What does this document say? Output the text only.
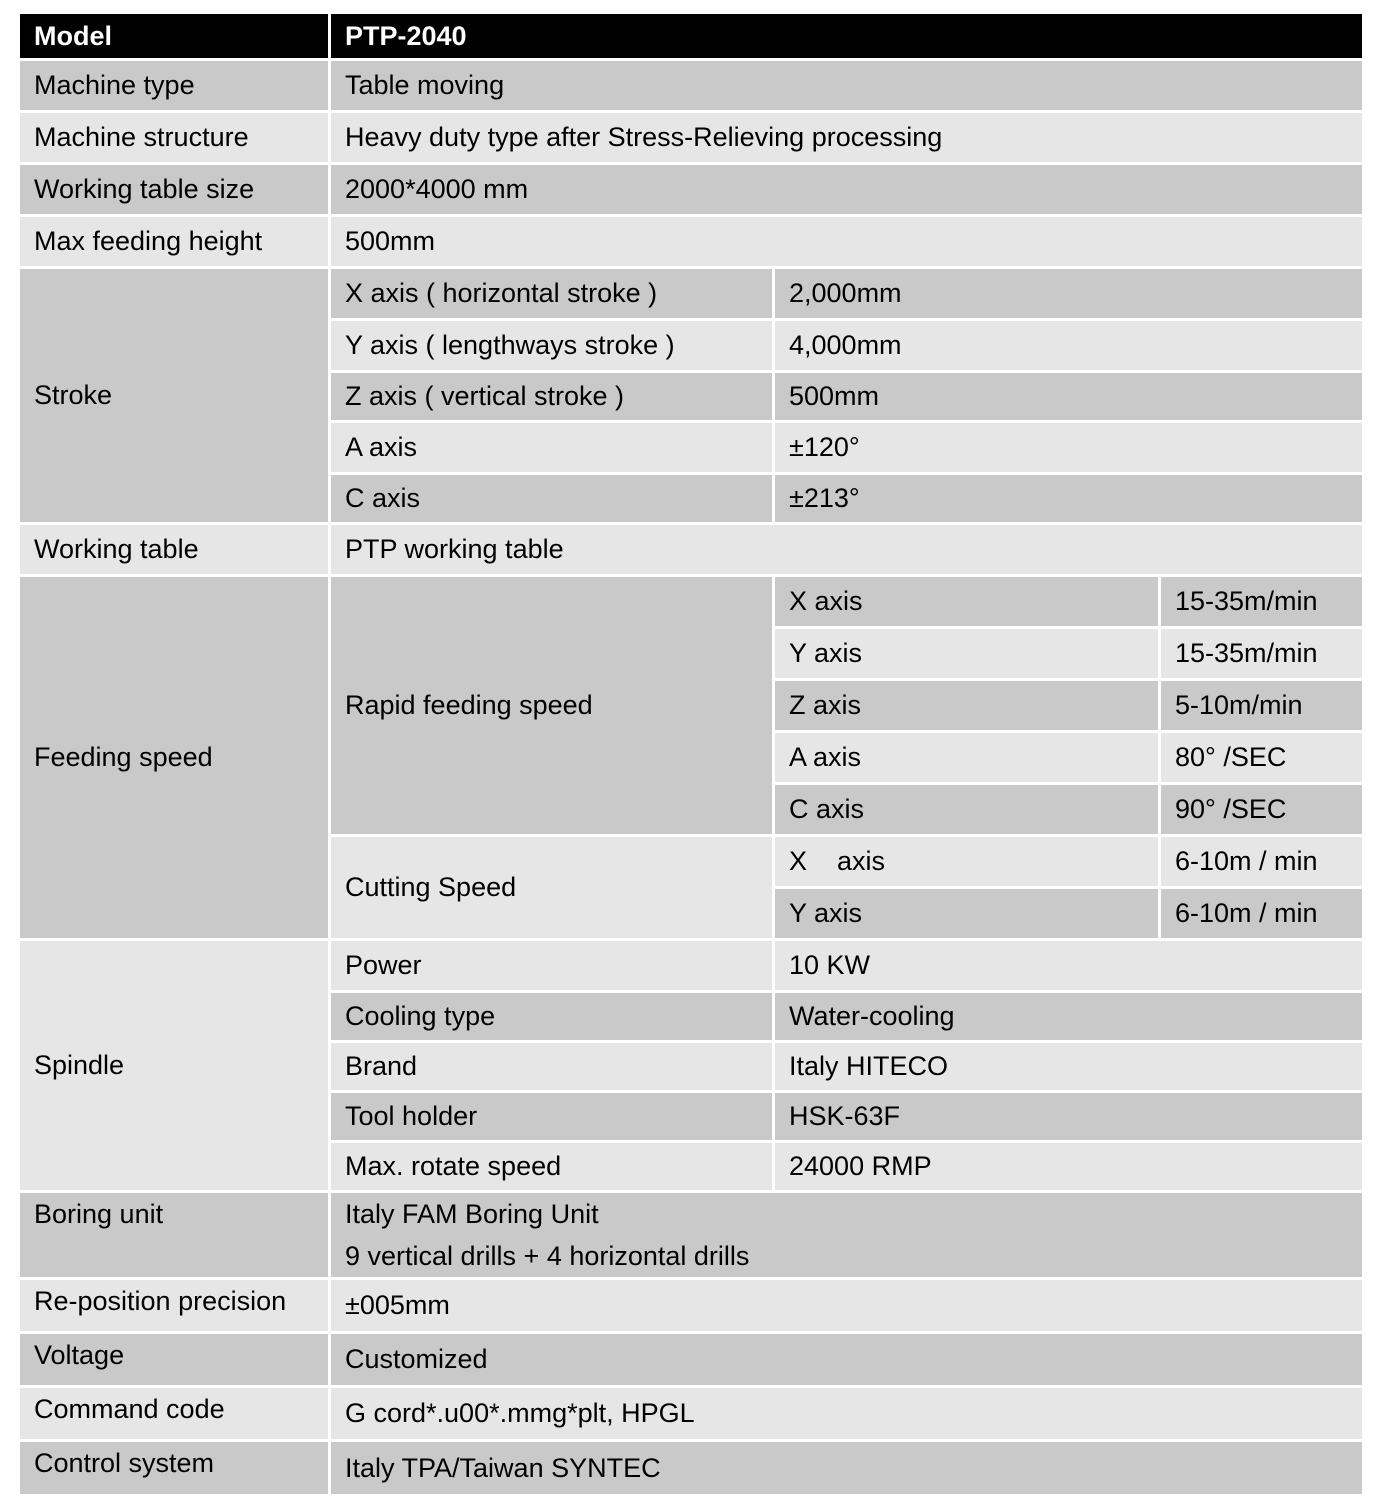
Model	PTP-2040		
Machine type	Table moving		
Machine structure	Heavy duty type after Stress-Relieving processing		
Working table size	2000*4000 mm		
Max feeding height	500mm		
Stroke	X axis ( horizontal stroke )	2,000mm	
	Y axis ( lengthways stroke )	4,000mm	
	Z axis ( vertical stroke )	500mm	
	A axis	±120°	
	C axis	±213°	
Working table	PTP working table		
Feeding speed	Rapid feeding speed	X axis	15-35m/min
		Y axis	15-35m/min
		Z axis	5-10m/min
		A axis	80° /SEC
		C axis	90° /SEC
	Cutting Speed	X    axis	6-10m / min
		Y axis	6-10m / min
Spindle	Power	10 KW	
	Cooling type	Water-cooling	
	Brand	Italy HITECO	
	Tool holder	HSK-63F	
	Max. rotate speed	24000 RMP	
Boring unit	Italy FAM Boring Unit
9 vertical drills + 4 horizontal drills		

Re-position precision	±005mm		
Voltage	Customized		
Command code	G cord*.u00*.mmg*plt, HPGL		
Control system	Italy TPA/Taiwan SYNTEC		
